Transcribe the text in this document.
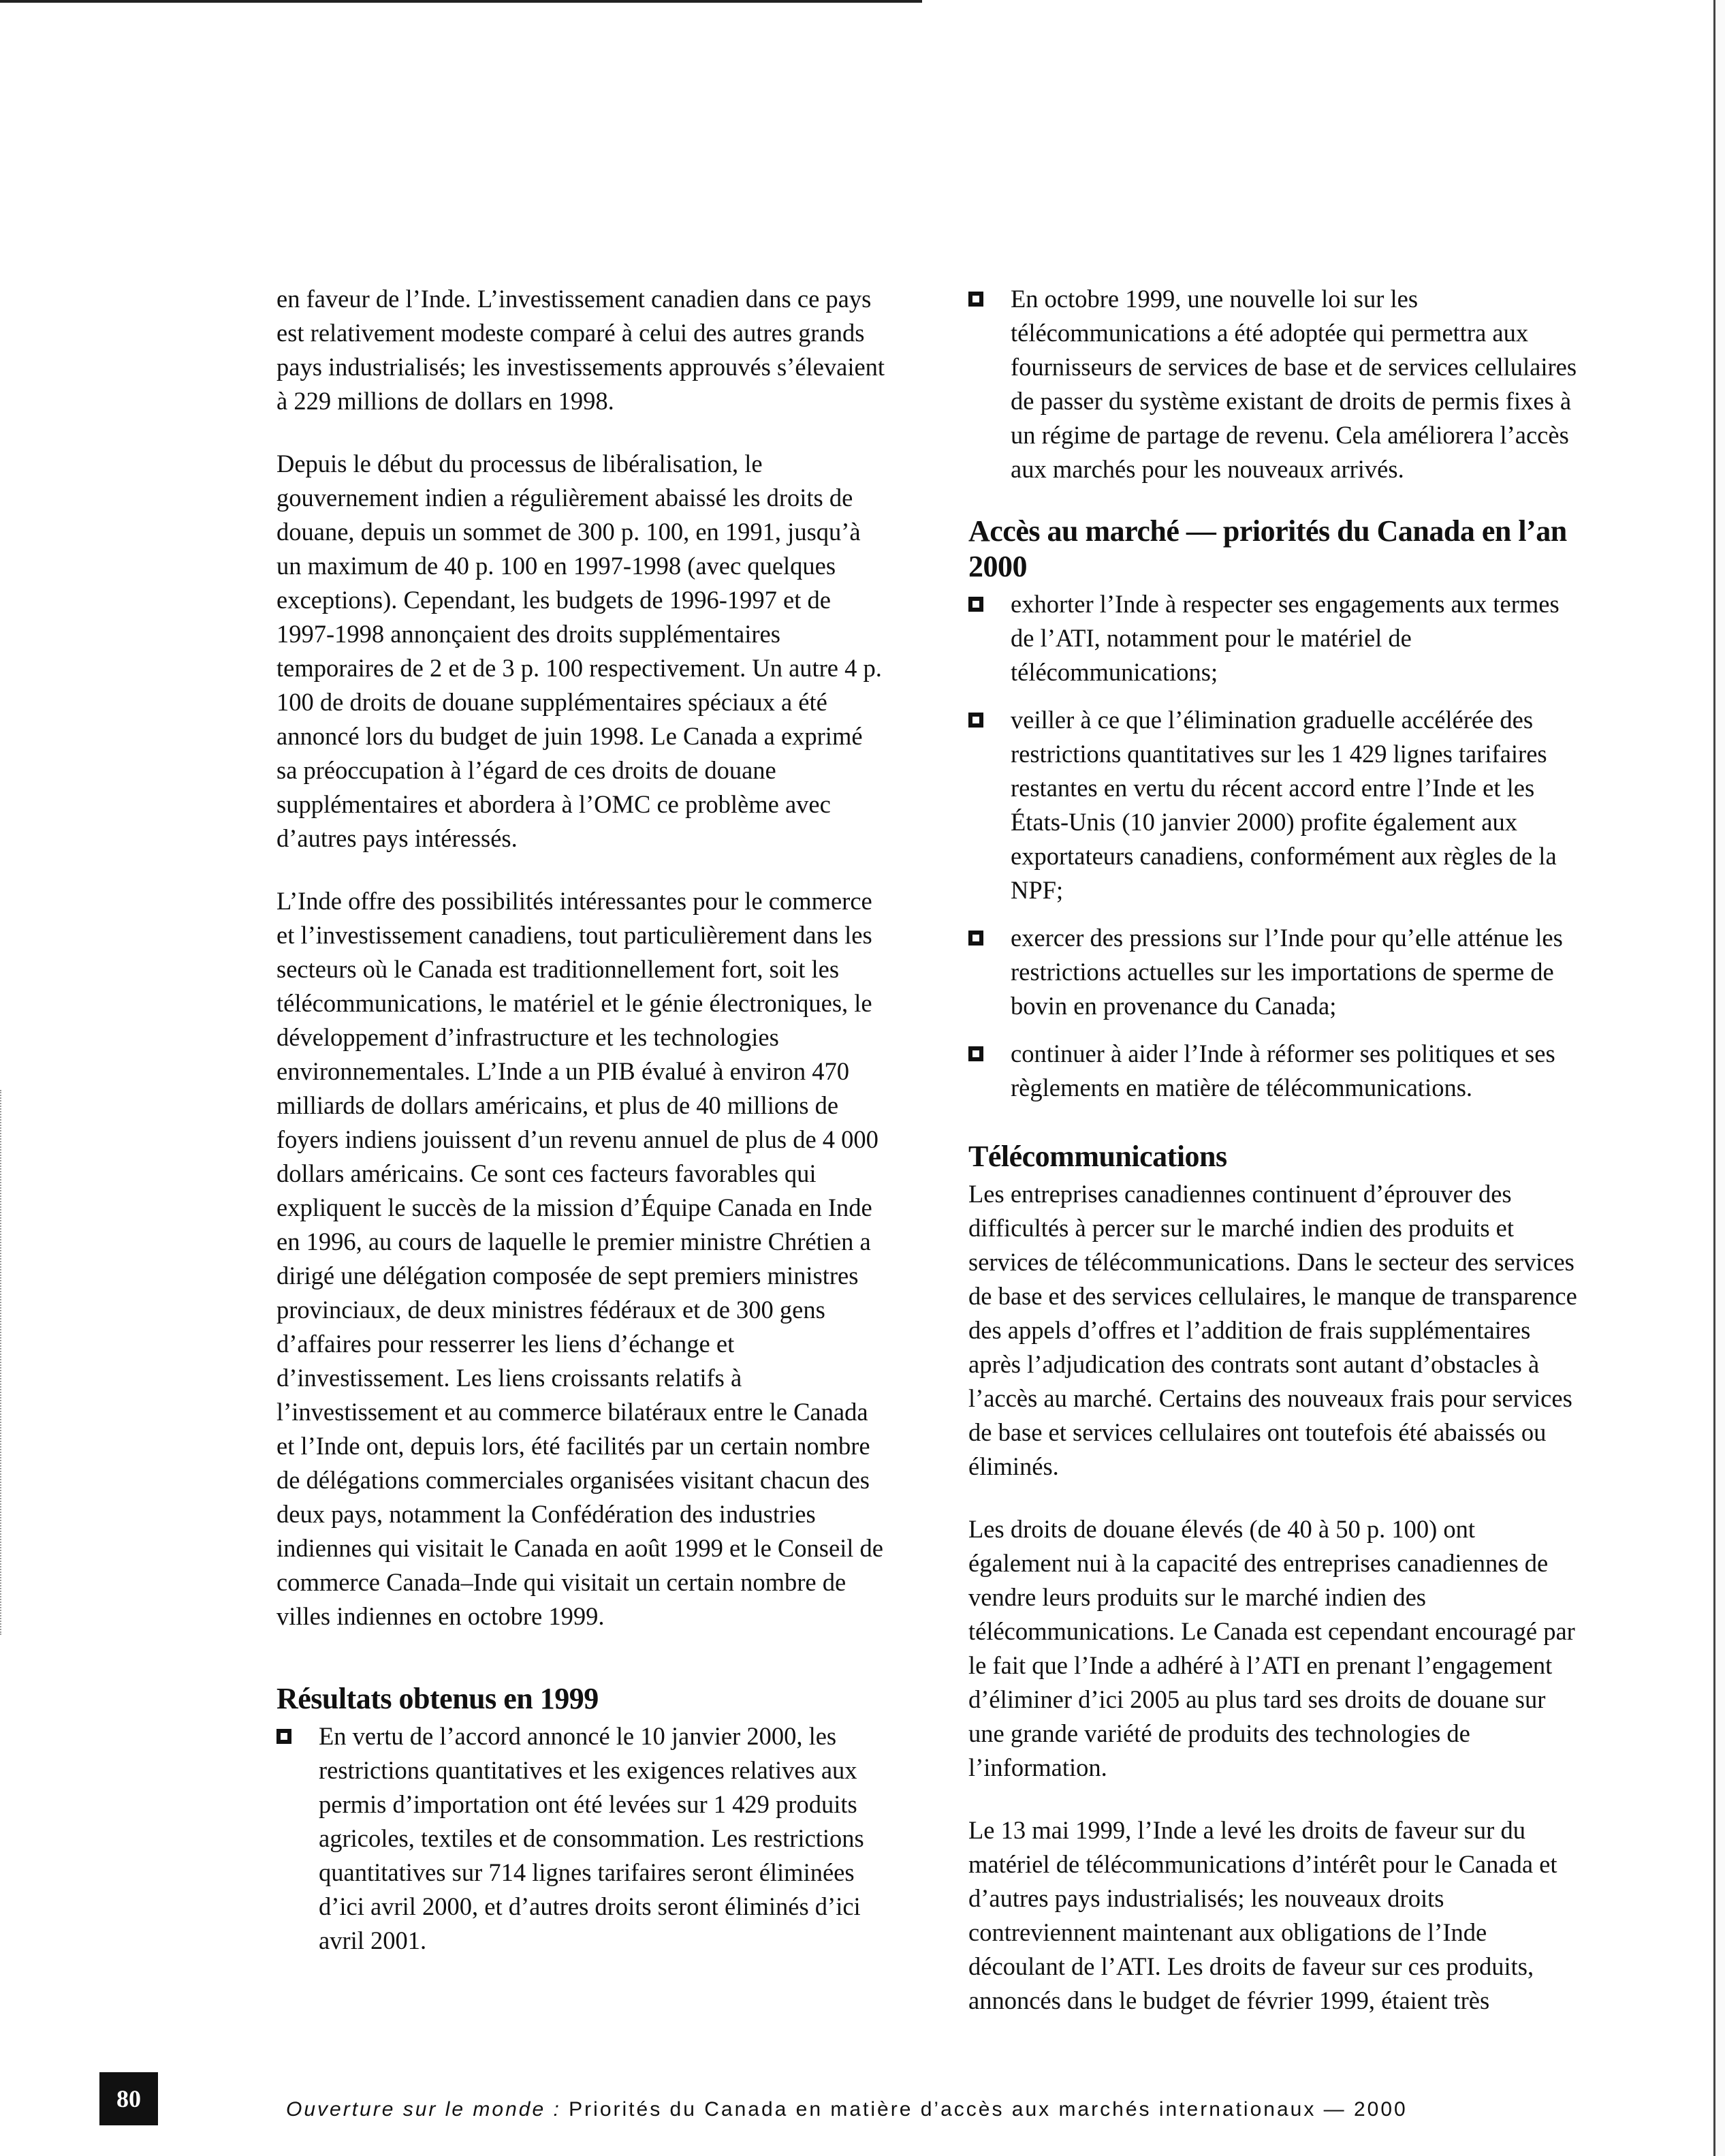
en faveur de l’Inde. L’investissement canadien dans ce pays est relativement modeste comparé à celui des autres grands pays industrialisés; les investissements approuvés s’élevaient à 229 millions de dollars en 1998.

Depuis le début du processus de libéralisation, le gouvernement indien a régulièrement abaissé les droits de douane, depuis un sommet de 300 p. 100, en 1991, jusqu’à un maximum de 40 p. 100 en 1997-1998 (avec quelques exceptions). Cependant, les budgets de 1996-1997 et de 1997-1998 annonçaient des droits supplémentaires temporaires de 2 et de 3 p. 100 respectivement. Un autre 4 p. 100 de droits de douane supplémentaires spéciaux a été annoncé lors du budget de juin 1998. Le Canada a exprimé sa préoccupation à l’égard de ces droits de douane supplémentaires et abordera à l’OMC ce problème avec d’autres pays intéressés.

L’Inde offre des possibilités intéressantes pour le commerce et l’investissement canadiens, tout particulièrement dans les secteurs où le Canada est traditionnellement fort, soit les télécommunications, le matériel et le génie électroniques, le développement d’infrastructure et les technologies environnementales. L’Inde a un PIB évalué à environ 470 milliards de dollars américains, et plus de 40 millions de foyers indiens jouissent d’un revenu annuel de plus de 4 000 dollars américains. Ce sont ces facteurs favorables qui expliquent le succès de la mission d’Équipe Canada en Inde en 1996, au cours de laquelle le premier ministre Chrétien a dirigé une délégation composée de sept premiers ministres provinciaux, de deux ministres fédéraux et de 300 gens d’affaires pour resserrer les liens d’échange et d’investissement. Les liens croissants relatifs à l’investissement et au commerce bilatéraux entre le Canada et l’Inde ont, depuis lors, été facilités par un certain nombre de délégations commerciales organisées visitant chacun des deux pays, notamment la Confédération des industries indiennes qui visitait le Canada en août 1999 et le Conseil de commerce Canada–Inde qui visitait un certain nombre de villes indiennes en octobre 1999.

Résultats obtenus en 1999
En vertu de l’accord annoncé le 10 janvier 2000, les restrictions quantitatives et les exigences relatives aux permis d’importation ont été levées sur 1 429 produits agricoles, textiles et de consommation. Les restrictions quantitatives sur 714 lignes tarifaires seront éliminées d’ici avril 2000, et d’autres droits seront éliminés d’ici avril 2001.
En octobre 1999, une nouvelle loi sur les télécommunications a été adoptée qui permettra aux fournisseurs de services de base et de services cellulaires de passer du système existant de droits de permis fixes à un régime de partage de revenu. Cela améliorera l’accès aux marchés pour les nouveaux arrivés.
Accès au marché — priorités du Canada en l’an 2000
exhorter l’Inde à respecter ses engagements aux termes de l’ATI, notamment pour le matériel de télécommunications;
veiller à ce que l’élimination graduelle accélérée des restrictions quantitatives sur les 1 429 lignes tarifaires restantes en vertu du récent accord entre l’Inde et les États-Unis (10 janvier 2000) profite également aux exportateurs canadiens, conformément aux règles de la NPF;
exercer des pressions sur l’Inde pour qu’elle atténue les restrictions actuelles sur les importations de sperme de bovin en provenance du Canada;
continuer à aider l’Inde à réformer ses politiques et ses règlements en matière de télécommunications.
Télécommunications

Les entreprises canadiennes continuent d’éprouver des difficultés à percer sur le marché indien des produits et services de télécommunications. Dans le secteur des services de base et des services cellulaires, le manque de transparence des appels d’offres et l’addition de frais supplémentaires après l’adjudication des contrats sont autant d’obstacles à l’accès au marché. Certains des nouveaux frais pour services de base et services cellulaires ont toutefois été abaissés ou éliminés.

Les droits de douane élevés (de 40 à 50 p. 100) ont également nui à la capacité des entreprises canadiennes de vendre leurs produits sur le marché indien des télécommunications. Le Canada est cependant encouragé par le fait que l’Inde a adhéré à l’ATI en prenant l’engagement d’éliminer d’ici 2005 au plus tard ses droits de douane sur une grande variété de produits des technologies de l’information.

Le 13 mai 1999, l’Inde a levé les droits de faveur sur du matériel de télécommunications d’intérêt pour le Canada et d’autres pays industrialisés; les nouveaux droits contreviennent maintenant aux obligations de l’Inde découlant de l’ATI. Les droits de faveur sur ces produits, annoncés dans le budget de février 1999, étaient très

80	Ouverture sur le monde : Priorités du Canada en matière d’accès aux marchés internationaux — 2000
